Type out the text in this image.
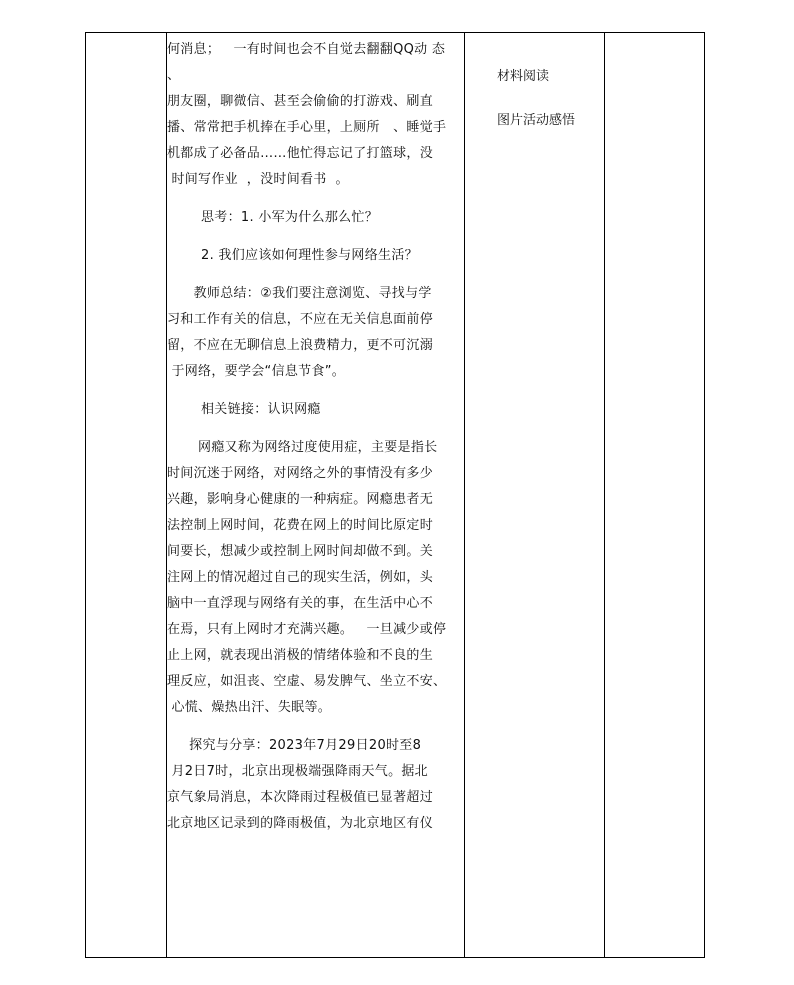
何消息；   一有时间也会不自觉去翻翻QQ动 态 、

朋友圈，聊微信、甚至会偷偷的打游戏、刷直

播、常常把手机捧在手心里，上厕所   、睡觉手

机都成了必备品……他忙得忘记了打篮球，没

时间写作业  ，没时间看书  。

思考：1. 小军为什么那么忙？

2. 我们应该如何理性参与网络生活？

教师总结：②我们要注意浏览、寻找与学

习和工作有关的信息，不应在无关信息面前停

留，不应在无聊信息上浪费精力，更不可沉溺

于网络，要学会“信息节食”。

相关链接：认识网瘾

网瘾又称为网络过度使用症，主要是指长

时间沉迷于网络，对网络之外的事情没有多少

兴趣，影响身心健康的一种病症。网瘾患者无

法控制上网时间，花费在网上的时间比原定时

间要长，想减少或控制上网时间却做不到。关

注网上的情况超过自己的现实生活，例如，头

脑中一直浮现与网络有关的事，在生活中心不

在焉，只有上网时才充满兴趣。   一旦减少或停

止上网，就表现出消极的情绪体验和不良的生

理反应，如沮丧、空虚、易发脾气、坐立不安、

心慌、燥热出汗、失眠等。

探究与分享：2023年7月29日20时至8

月2日7时，北京出现极端强降雨天气。据北

京气象局消息，本次降雨过程极值已显著超过

北京地区记录到的降雨极值，为北京地区有仪

材料阅读
图片活动感悟
